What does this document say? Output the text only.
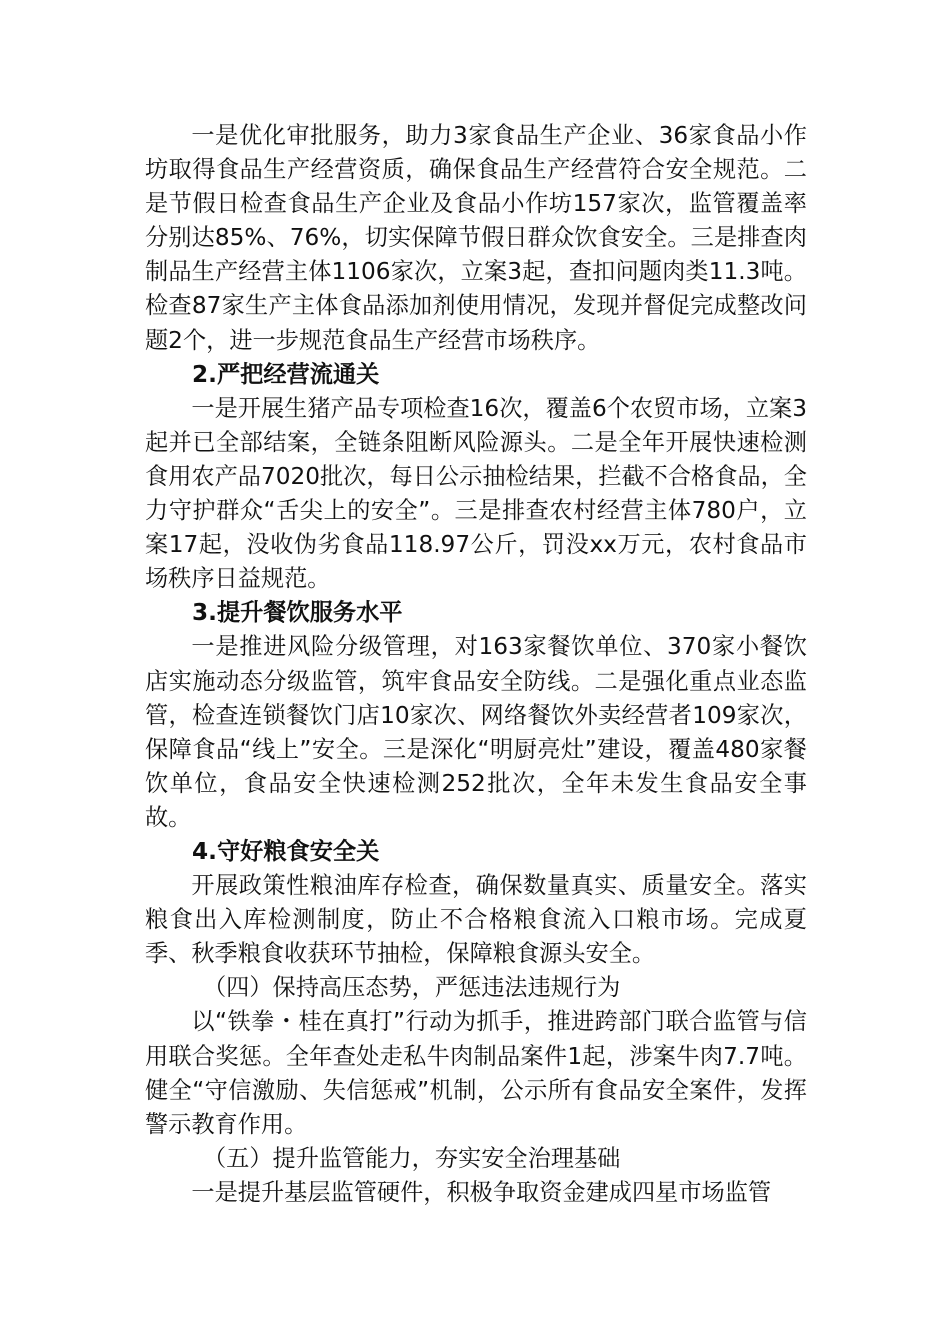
一是优化审批服务，助力3家食品生产企业、36家食品小作坊取得食品生产经营资质，确保食品生产经营符合安全规范。二是节假日检查食品生产企业及食品小作坊157家次，监管覆盖率分别达85%、76%，切实保障节假日群众饮食安全。三是排查肉制品生产经营主体1106家次，立案3起，查扣问题肉类11.3吨。检查87家生产主体食品添加剂使用情况，发现并督促完成整改问题2个，进一步规范食品生产经营市场秩序。

2.严把经营流通关

一是开展生猪产品专项检查16次，覆盖6个农贸市场，立案3起并已全部结案，全链条阻断风险源头。二是全年开展快速检测食用农产品7020批次，每日公示抽检结果，拦截不合格食品，全力守护群众“舌尖上的安全”。三是排查农村经营主体780户，立案17起，没收伪劣食品118.97公斤，罚没xx万元，农村食品市场秩序日益规范。

3.提升餐饮服务水平

一是推进风险分级管理，对163家餐饮单位、370家小餐饮店实施动态分级监管，筑牢食品安全防线。二是强化重点业态监管，检查连锁餐饮门店10家次、网络餐饮外卖经营者109家次，保障食品“线上”安全。三是深化“明厨亮灶”建设，覆盖480家餐饮单位，食品安全快速检测252批次，全年未发生食品安全事故。

4.守好粮食安全关

开展政策性粮油库存检查，确保数量真实、质量安全。落实粮食出入库检测制度，防止不合格粮食流入口粮市场。完成夏季、秋季粮食收获环节抽检，保障粮食源头安全。

（四）保持高压态势，严惩违法违规行为

以“铁拳・桂在真打”行动为抓手，推进跨部门联合监管与信用联合奖惩。全年查处走私牛肉制品案件1起，涉案牛肉7.7吨。健全“守信激励、失信惩戒”机制，公示所有食品安全案件，发挥警示教育作用。

（五）提升监管能力，夯实安全治理基础

一是提升基层监管硬件，积极争取资金建成四星市场监管
